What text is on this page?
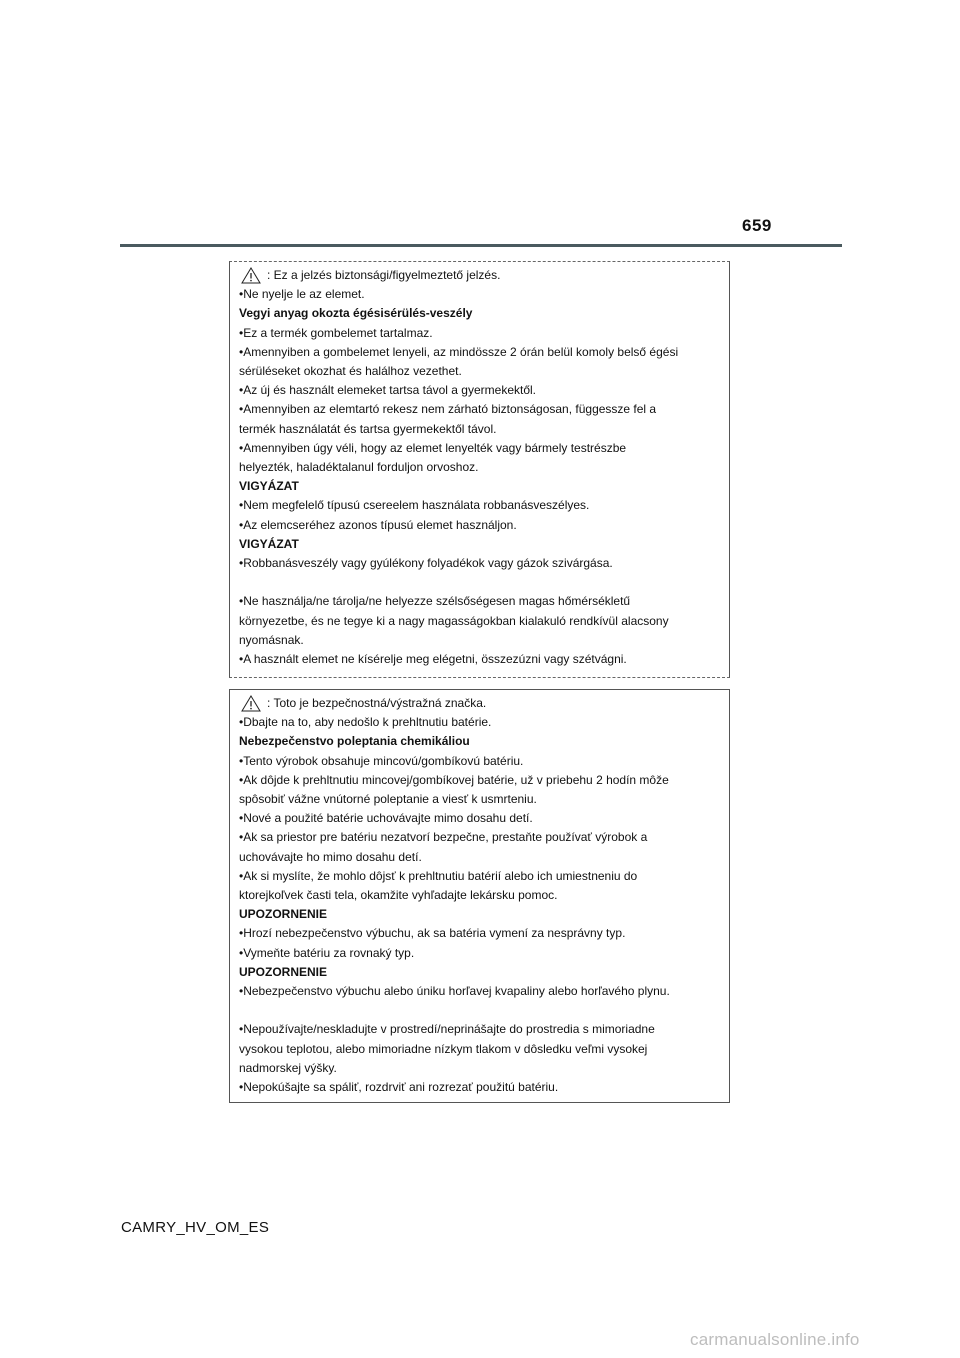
659
: Ez a jelzés biztonsági/figyelmeztető jelzés.
•Ne nyelje le az elemet.
Vegyi anyag okozta égésisérülés-veszély
•Ez a termék gombelemet tartalmaz.
•Amennyiben a gombelemet lenyeli, az mindössze 2 órán belül komoly belső égési
sérüléseket okozhat és halálhoz vezethet.
•Az új és használt elemeket tartsa távol a gyermekektől.
•Amennyiben az elemtartó rekesz nem zárható biztonságosan, függessze fel a
termék használatát és tartsa gyermekektől távol.
•Amennyiben úgy véli, hogy az elemet lenyelték vagy bármely testrészbe
helyezték, haladéktalanul forduljon orvoshoz.
VIGYÁZAT
•Nem megfelelő típusú csereelem használata robbanásveszélyes.
•Az elemcseréhez azonos típusú elemet használjon.
VIGYÁZAT
•Robbanásveszély vagy gyúlékony folyadékok vagy gázok szivárgása.
•Ne használja/ne tárolja/ne helyezze szélsőségesen magas hőmérsékletű
környezetbe, és ne tegye ki a nagy magasságokban kialakuló rendkívül alacsony
nyomásnak.
•A használt elemet ne kísérelje meg elégetni, összezúzni vagy szétvágni.
: Toto je bezpečnostná/výstražná značka.
•Dbajte na to, aby nedošlo k prehltnutiu batérie.
Nebezpečenstvo poleptania chemikáliou
•Tento výrobok obsahuje mincovú/gombíkovú batériu.
•Ak dôjde k prehltnutiu mincovej/gombíkovej batérie, už v priebehu 2 hodín môže
spôsobiť vážne vnútorné poleptanie a viesť k usmrteniu.
•Nové a použité batérie uchovávajte mimo dosahu detí.
•Ak sa priestor pre batériu nezatvorí bezpečne, prestaňte používať výrobok a
uchovávajte ho mimo dosahu detí.
•Ak si myslíte, že mohlo dôjsť k prehltnutiu batérií alebo ich umiestneniu do
ktorejkoľvek časti tela, okamžite vyhľadajte lekársku pomoc.
UPOZORNENIE
•Hrozí nebezpečenstvo výbuchu, ak sa batéria vymení za nesprávny typ.
•Vymeňte batériu za rovnaký typ.
UPOZORNENIE
•Nebezpečenstvo výbuchu alebo úniku horľavej kvapaliny alebo horľavého plynu.
•Nepoužívajte/neskladujte v prostredí/neprinášajte do prostredia s mimoriadne
vysokou teplotou, alebo mimoriadne nízkym tlakom v dôsledku veľmi vysokej
nadmorskej výšky.
•Nepokúšajte sa spáliť, rozdrviť ani rozrezať použitú batériu.
CAMRY_HV_OM_ES
carmanualsonline.info
